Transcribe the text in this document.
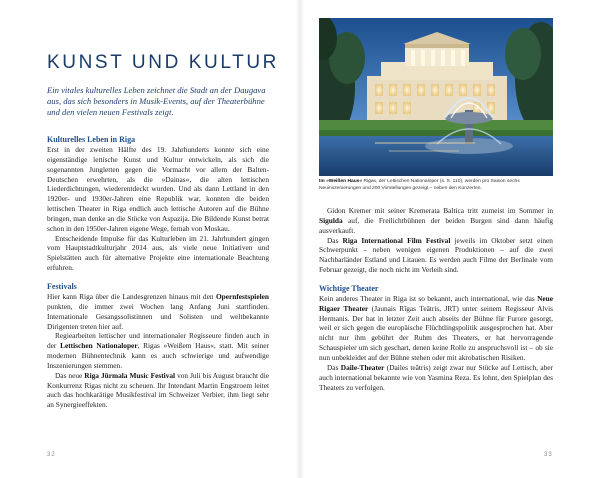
KUNST UND KULTUR

Ein vitales kulturelles Leben zeichnet die Stadt an der Daugava aus, das sich besonders in Musik-Events, auf der Theaterbühne und den vielen neuen Festivals zeigt.

Kulturelles Leben in Riga

Erst in der zweiten Hälfte des 19. Jahrhunderts konnte sich eine eigenständige lettische Kunst und Kultur entwickeln, als sich die sogenannten Jungletten gegen die Vormacht vor allem der Balten-Deutschen erwehrten, als die »Dainas«, die alten lettischen Liederdichtungen, wiederentdeckt wurden. Und als dann Lettland in den 1920er- und 1930er-Jahren eine Republik war, konnten die beiden lettischen Theater in Riga endlich auch lettische Autoren auf die Bühne bringen, man denke an die Stücke von Aspazija. Die Bildende Kunst betrat schon in den 1950er-Jahren eigene Wege, fernab von Moskau.

Entscheidende Impulse für das Kulturleben im 21. Jahrhundert gingen vom Hauptstadtkulturjahr 2014 aus, als viele neue Initiativen und Spielstätten auch für alternative Projekte eine internationale Beachtung erfuhren.

Festivals

Hier kann Riga über die Landesgrenzen hinaus mit den Opernfestspielen punkten, die immer zwei Wochen lang Anfang Juni stattfinden. Internationale Gesangssolistinnen und Solisten und weltbekannte Dirigenten treten hier auf.

Regiearbeiten lettischer und internationaler Regisseure finden auch in der Lettischen Nationaloper, Rigas »Weißem Haus«, statt. Mit seiner modernen Bühnentechnik kann es auch schwierige und aufwendige Inszenierungen stemmen.

Das neue Riga Jūrmala Music Festival von Juli bis August braucht die Konkurrenz Rigas nicht zu scheuen. Ihr Intendant Martin Engstroem leitet auch das hochkarätige Musikfestival im Schweizer Verbier, ihm liegt sehr an Synergieeffekten.

32

Im »Weißen Haus« Rigas, der Lettischen Nationaloper (s. S. 110), werden pro Saison sechs Neuinszenierungen und 200 Vorstellungen gezeigt – neben den Konzerten.

Gidon Kremer mit seiner Kremerata Baltica tritt zumeist im Sommer in Sigulda auf, die Freilichtbühnen der beiden Burgen sind dann häufig ausverkauft.

Das Riga International Film Festival jeweils im Oktober setzt einen Schwerpunkt – neben wenigen eigenen Produktionen – auf die zwei Nachbarländer Estland und Litauen. Es werden auch Filme der Berlinale vom Februar gezeigt, die noch nicht im Verleih sind.

Wichtige Theater

Kein anderes Theater in Riga ist so bekannt, auch international, wie das Neue Rigaer Theater (Jaunais Rīgas Teātris, JRT) unter seinem Regisseur Alvis Hermanis. Der hat in letzter Zeit auch abseits der Bühne für Furore gesorgt, weil er sich gegen die europäische Flüchtlingspolitik ausgesprochen hat. Aber nicht nur ihm gebührt der Ruhm des Theaters, er hat hervorragende Schauspieler um sich geschart, denen keine Rolle zu anspruchsvoll ist – ob sie nun unbekleidet auf der Bühne stehen oder mit akrobatischen Risiken.

Das Daile-Theater (Dailes teātris) zeigt zwar nur Stücke auf Lettisch, aber auch international bekannte wie von Yasmina Reza. Es lohnt, den Spielplan des Theaters zu verfolgen.

33
